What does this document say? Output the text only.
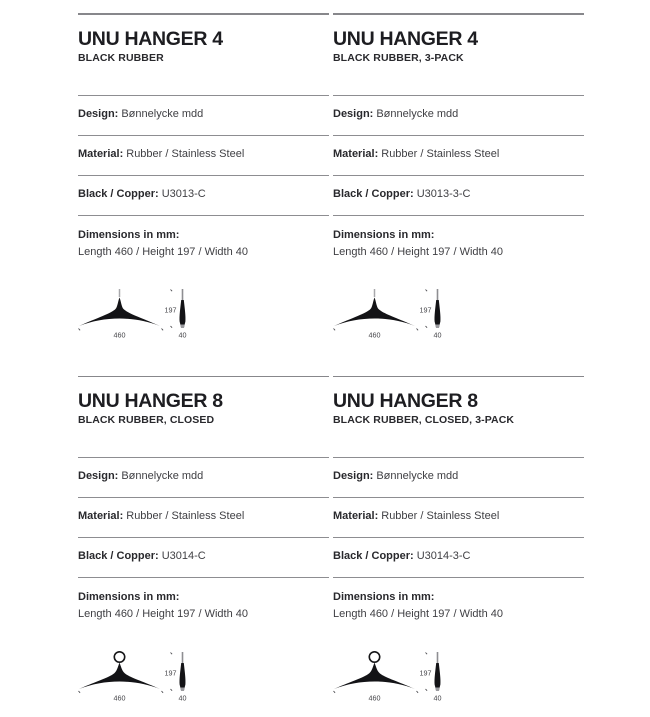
UNU HANGER 4
BLACK RUBBER
Design: Bønnelycke mdd
Material: Rubber / Stainless Steel
Black / Copper: U3013-C
Dimensions in mm:
Length 460 / Height 197 / Width 40
460
197
40
UNU HANGER 4
BLACK RUBBER, 3-PACK
Design: Bønnelycke mdd
Material: Rubber / Stainless Steel
Black / Copper: U3013-3-C
Dimensions in mm:
Length 460 / Height 197 / Width 40
460
197
40
UNU HANGER 8
BLACK RUBBER, CLOSED
Design: Bønnelycke mdd
Material: Rubber / Stainless Steel
Black / Copper: U3014-C
Dimensions in mm:
Length 460 / Height 197 / Width 40
460
197
40
UNU HANGER 8
BLACK RUBBER, CLOSED, 3-PACK
Design: Bønnelycke mdd
Material: Rubber / Stainless Steel
Black / Copper: U3014-3-C
Dimensions in mm:
Length 460 / Height 197 / Width 40
460
197
40
